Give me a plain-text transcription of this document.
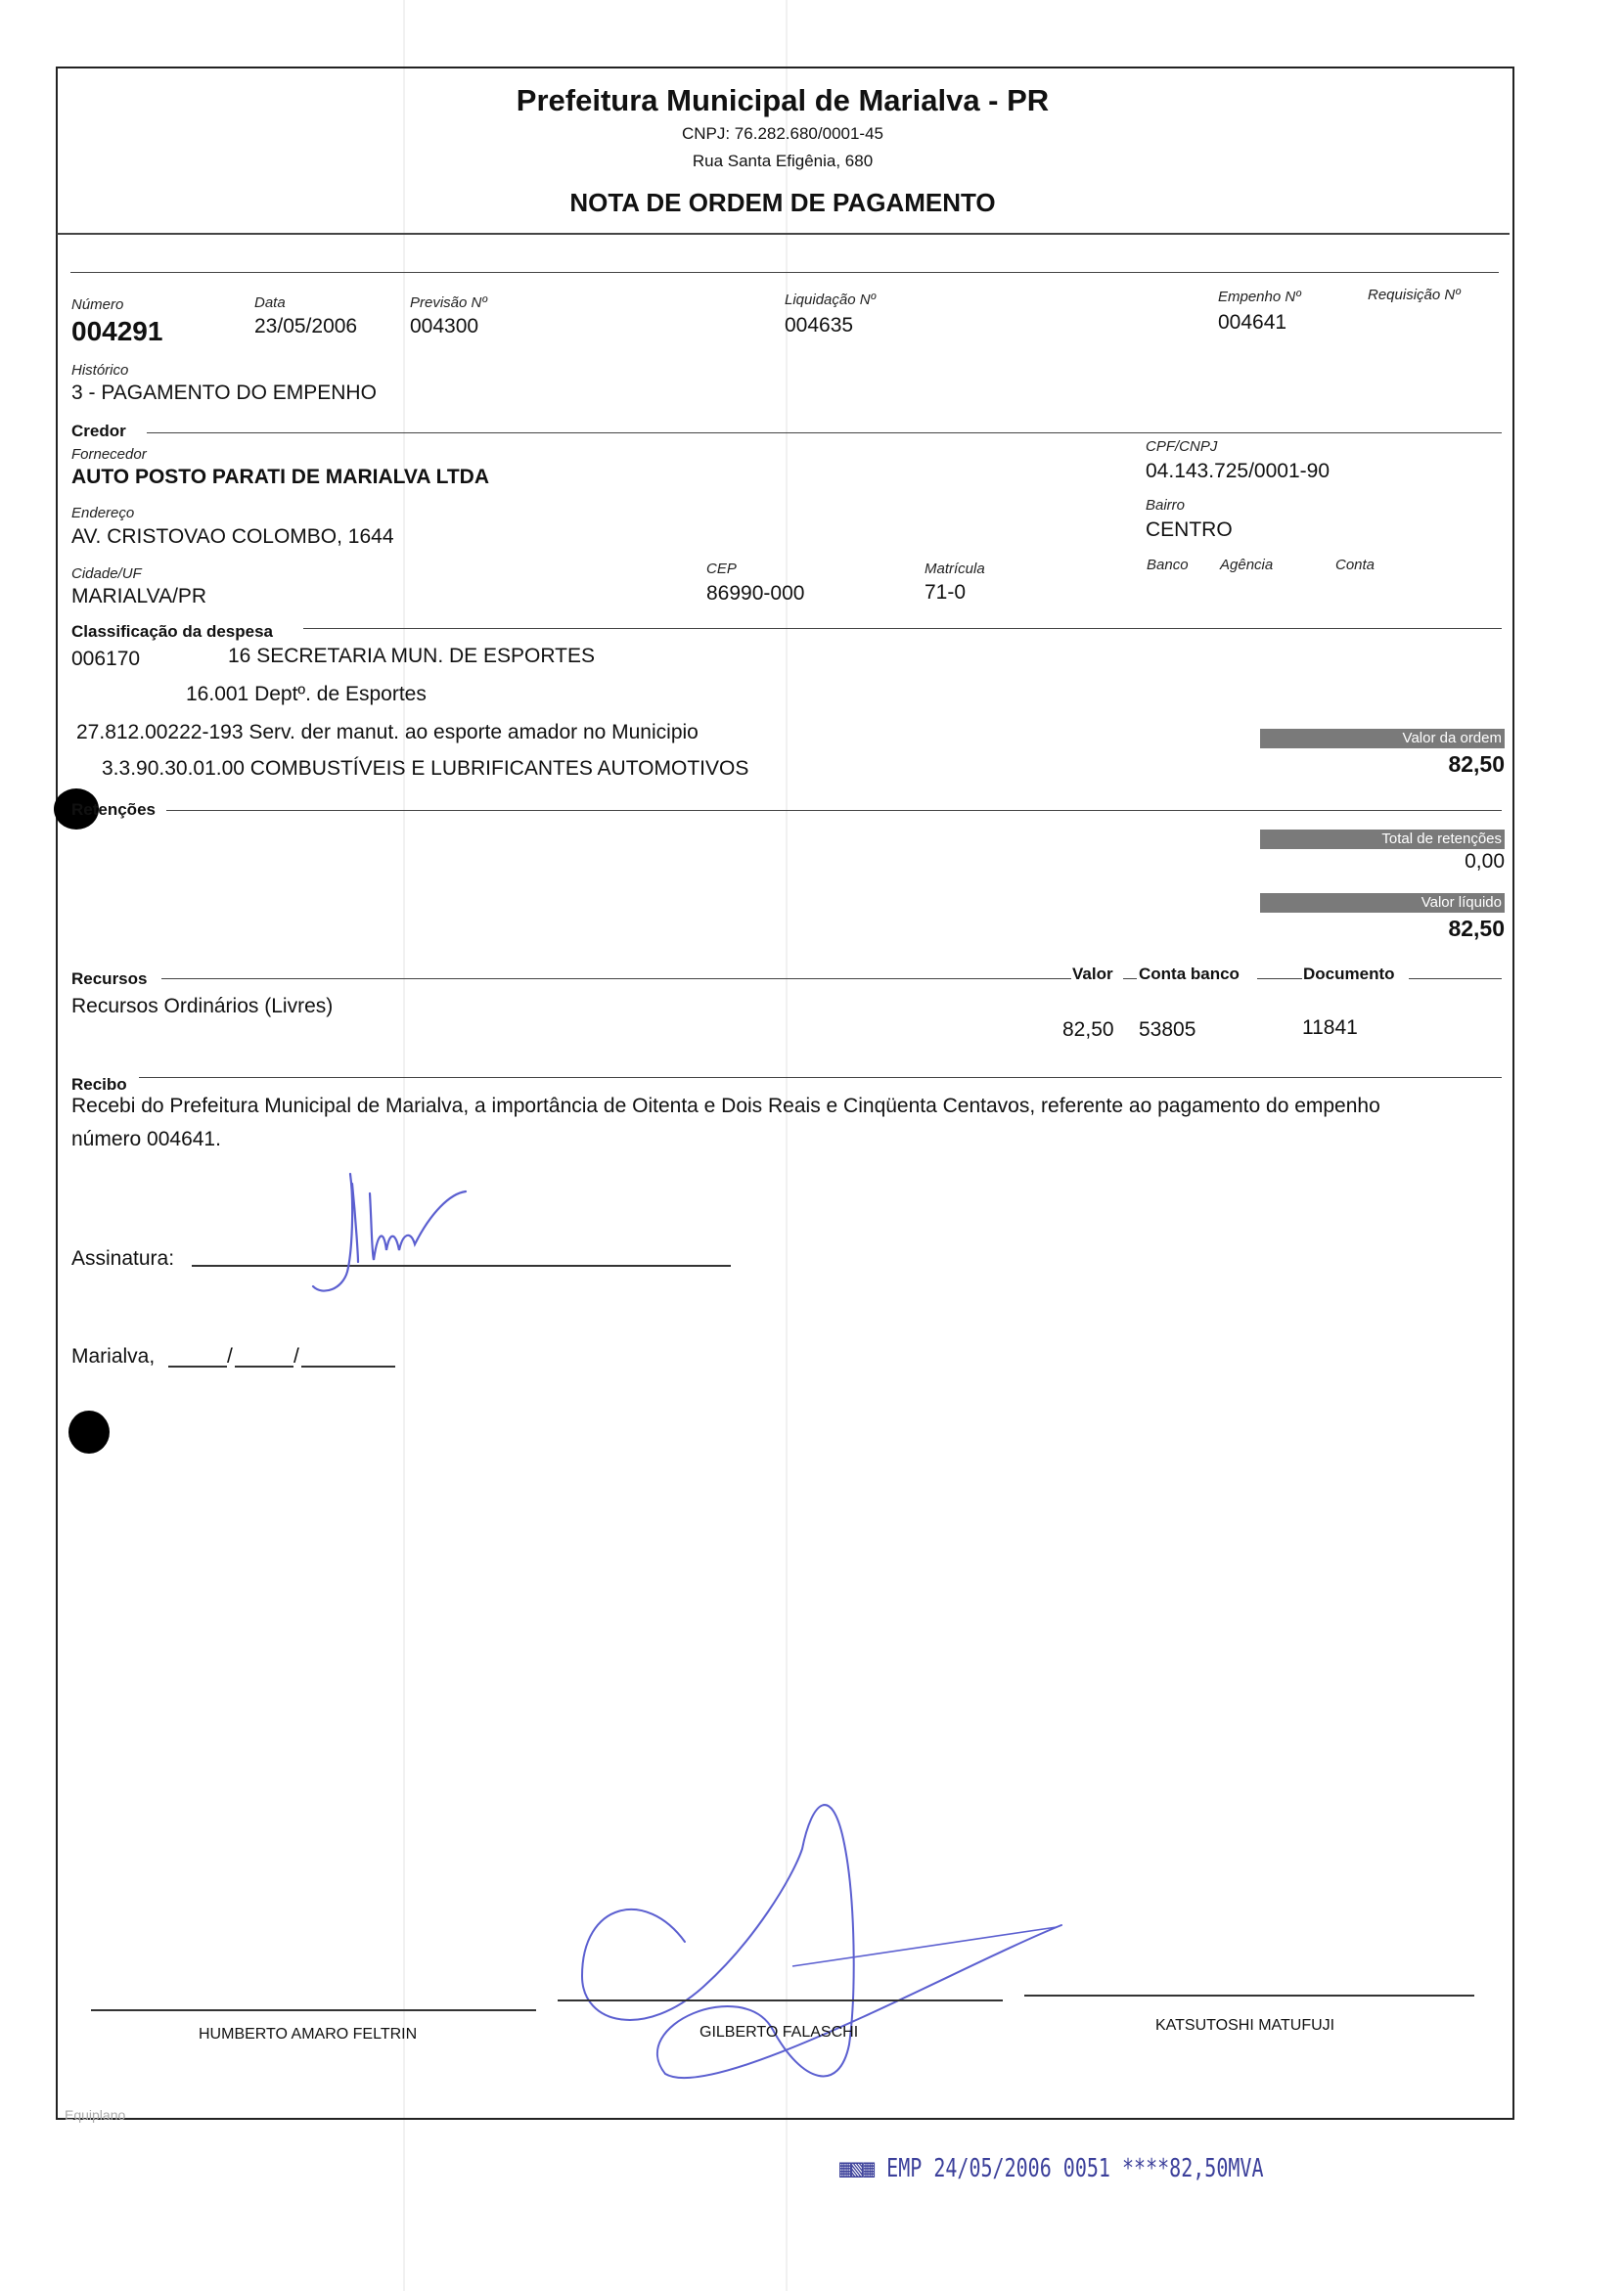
Prefeitura Municipal de Marialva - PR
CNPJ: 76.282.680/0001-45
Rua Santa Efigênia, 680
NOTA DE ORDEM DE PAGAMENTO
Número
004291
Data
23/05/2006
Previsão Nº
004300
Liquidação Nº
004635
Empenho Nº
004641
Requisição Nº
Histórico
3 - PAGAMENTO DO EMPENHO
Credor
Fornecedor
AUTO POSTO PARATI DE MARIALVA LTDA
CPF/CNPJ
04.143.725/0001-90
Endereço
AV. CRISTOVAO COLOMBO, 1644
Bairro
CENTRO
Cidade/UF
MARIALVA/PR
CEP
86990-000
Matrícula
71-0
Banco Agência	Conta
Classificação da despesa
006170	16 SECRETARIA MUN. DE ESPORTES
16.001 Deptº. de Esportes
27.812.00222-193 Serv. der manut. ao esporte amador no Municipio
3.3.90.30.01.00 COMBUSTÍVEIS E LUBRIFICANTES AUTOMOTIVOS
Valor da ordem
82,50
Retenções
Total de retenções
0,00
Valor líquido
82,50
Recursos	Valor Conta banco	Documento
Recursos Ordinários (Livres)
82,50 53805	11841
Recibo
Recebi do Prefeitura Municipal de Marialva, a importância de Oitenta e Dois Reais e Cinqüenta Centavos, referente ao pagamento do empenho
número 004641.
Assinatura:
Marialva,	/	/
HUMBERTO AMARO FELTRIN	GILBERTO FALASCHI	KATSUTOSHI MATUFUJI
Equiplano
▦▧▦ EMP 24/05/2006 0051 ****82,50MVA
